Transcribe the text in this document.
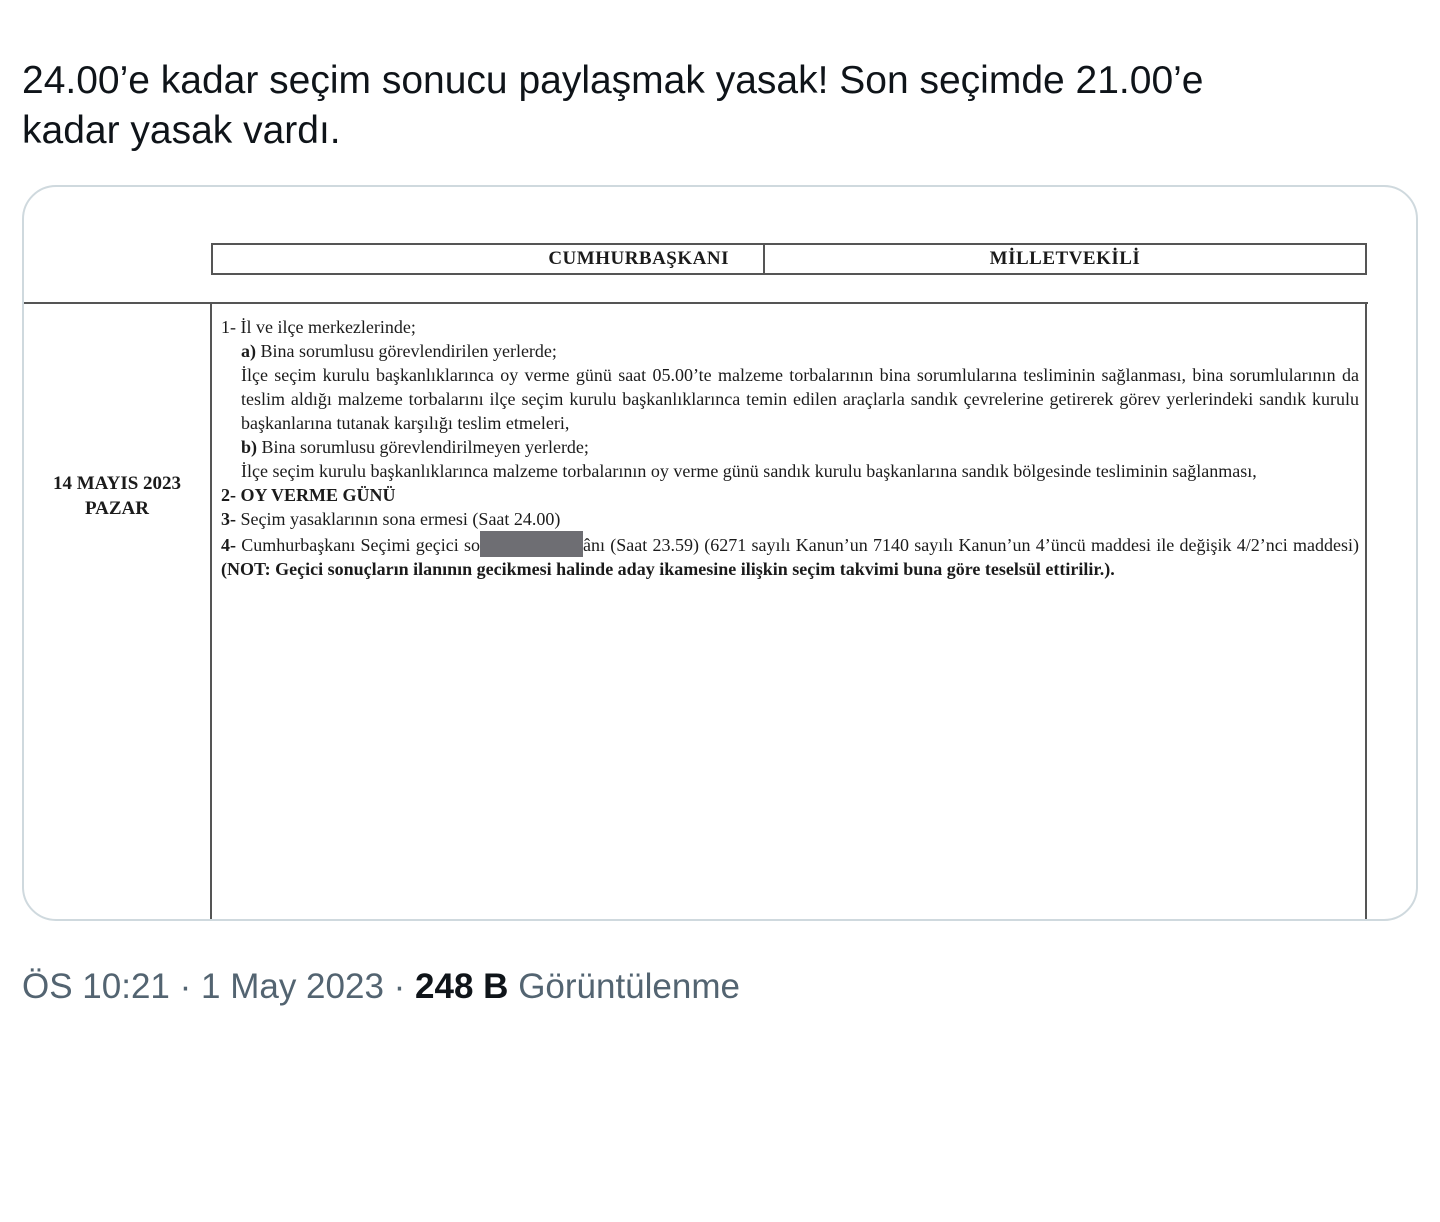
24.00’e kadar seçim sonucu paylaşmak yasak! Son seçimde 21.00’e
kadar yasak vardı.
CUMHURBAŞKANI	MİLLETVEKİLİ
14 MAYIS 2023
PAZAR

1- İl ve ilçe merkezlerinde;

a) Bina sorumlusu görevlendirilen yerlerde;

İlçe seçim kurulu başkanlıklarınca oy verme günü saat 05.00’te malzeme torbalarının bina sorumlularına tesliminin sağlanması, bina sorumlularının da teslim aldığı malzeme torbalarını ilçe seçim kurulu başkanlıklarınca temin edilen araçlarla sandık çevrelerine getirerek görev yerlerindeki sandık kurulu başkanlarına tutanak karşılığı teslim etmeleri,

b) Bina sorumlusu görevlendirilmeyen yerlerde;

İlçe seçim kurulu başkanlıklarınca malzeme torbalarının oy verme günü sandık kurulu başkanlarına sandık bölgesinde tesliminin sağlanması,

2- OY VERME GÜNÜ

3- Seçim yasaklarının sona ermesi (Saat 24.00)

4- Cumhurbaşkanı Seçimi geçici so	ânı (Saat 23.59) (6271 sayılı Kanun’un 7140 sayılı Kanun’un 4’üncü maddesi ile değişik 4/2’nci maddesi) (NOT: Geçici sonuçların ilanının gecikmesi halinde aday ikamesine ilişkin seçim takvimi buna göre teselsül ettirilir.).

ÖS 10:21 · 1 May 2023 · 248 B Görüntülenme
